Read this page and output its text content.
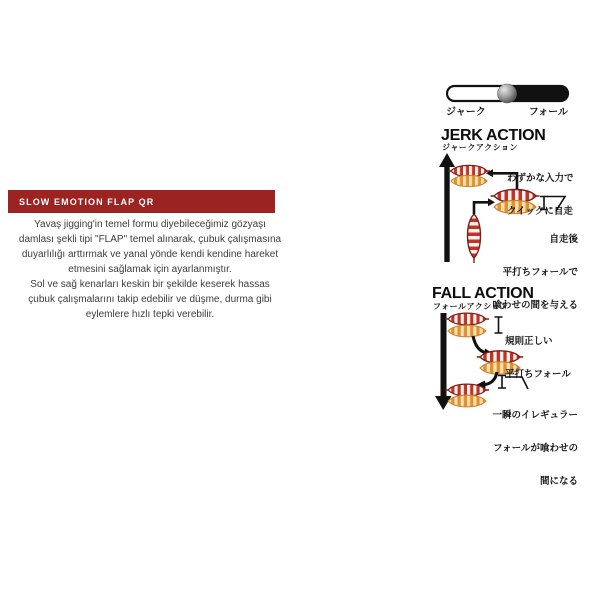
SLOW EMOTION FLAP QR
Yavaş jigging'in temel formu diyebileceğimiz gözyaşı
damlası şekli tipi "FLAP" temel alınarak, çubuk çalışmasına
duyarlılığı arttırmak ve yanal yönde kendi kendine hareket
etmesini sağlamak için ayarlanmıştır.
Sol ve sağ kenarları keskin bir şekilde keserek hassas
çubuk çalışmalarını takip edebilir ve düşme, durma gibi
eylemlere hızlı tepki verebilir.
ジャーク	フォール
JERK ACTION
ジャークアクション

わずかな入力で

クイックに自走

自走後

平打ちフォールで

喰わせの間を与える

FALL ACTION
フォールアクション

規則正しい

平打ちフォール

一瞬のイレギュラー

フォールが喰わせの

間になる
